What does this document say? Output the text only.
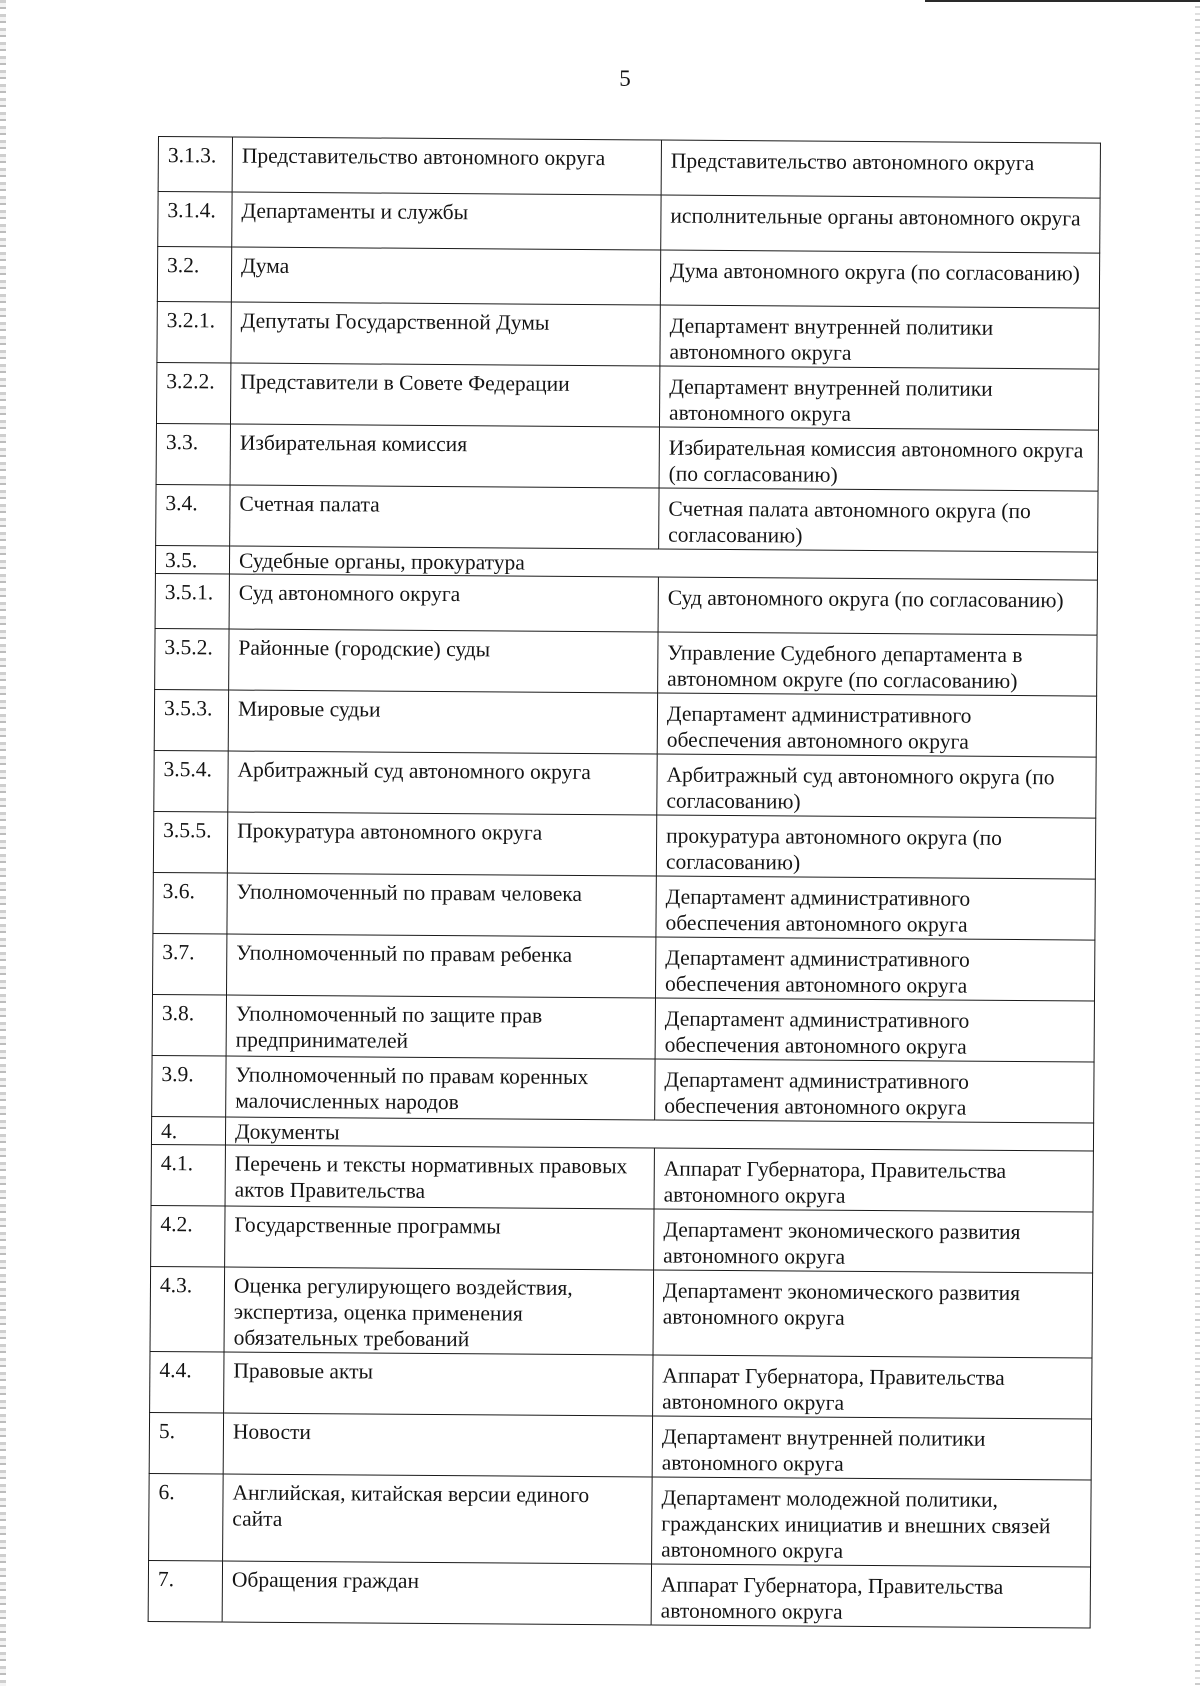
5
3.1.3.	Представительство автономного округа	Представительство автономного округа
3.1.4.	Департаменты и службы	исполнительные органы автономного округа
3.2.	Дума	Дума автономного округа (по согласованию)
3.2.1.	Депутаты Государственной Думы	Департамент внутренней политики автономного округа
3.2.2.	Представители в Совете Федерации	Департамент внутренней политики автономного округа
3.3.	Избирательная комиссия	Избирательная комиссия автономного округа (по согласованию)
3.4.	Счетная палата	Счетная палата автономного округа (по согласованию)
3.5.	Судебные органы, прокуратура	
3.5.1.	Суд автономного округа	Суд автономного округа (по согласованию)
3.5.2.	Районные (городские) суды	Управление Судебного департамента в автономном округе (по согласованию)
3.5.3.	Мировые судьи	Департамент административного обеспечения автономного округа
3.5.4.	Арбитражный суд автономного округа	Арбитражный суд автономного округа (по согласованию)
3.5.5.	Прокуратура автономного округа	прокуратура автономного округа (по согласованию)
3.6.	Уполномоченный по правам человека	Департамент административного обеспечения автономного округа
3.7.	Уполномоченный по правам ребенка	Департамент административного обеспечения автономного округа
3.8.	Уполномоченный по защите прав предпринимателей	Департамент административного обеспечения автономного округа
3.9.	Уполномоченный по правам коренных малочисленных народов	Департамент административного обеспечения автономного округа
4.	Документы	
4.1.	Перечень и тексты нормативных правовых актов Правительства	Аппарат Губернатора, Правительства автономного округа
4.2.	Государственные программы	Департамент экономического развития автономного округа
4.3.	Оценка регулирующего воздействия, экспертиза, оценка применения обязательных требований	Департамент экономического развития автономного округа
4.4.	Правовые акты	Аппарат Губернатора, Правительства автономного округа
5.	Новости	Департамент внутренней политики автономного округа
6.	Английская, китайская версии единого сайта	Департамент молодежной политики, гражданских инициатив и внешних связей автономного округа
7.	Обращения граждан	Аппарат Губернатора, Правительства автономного округа
